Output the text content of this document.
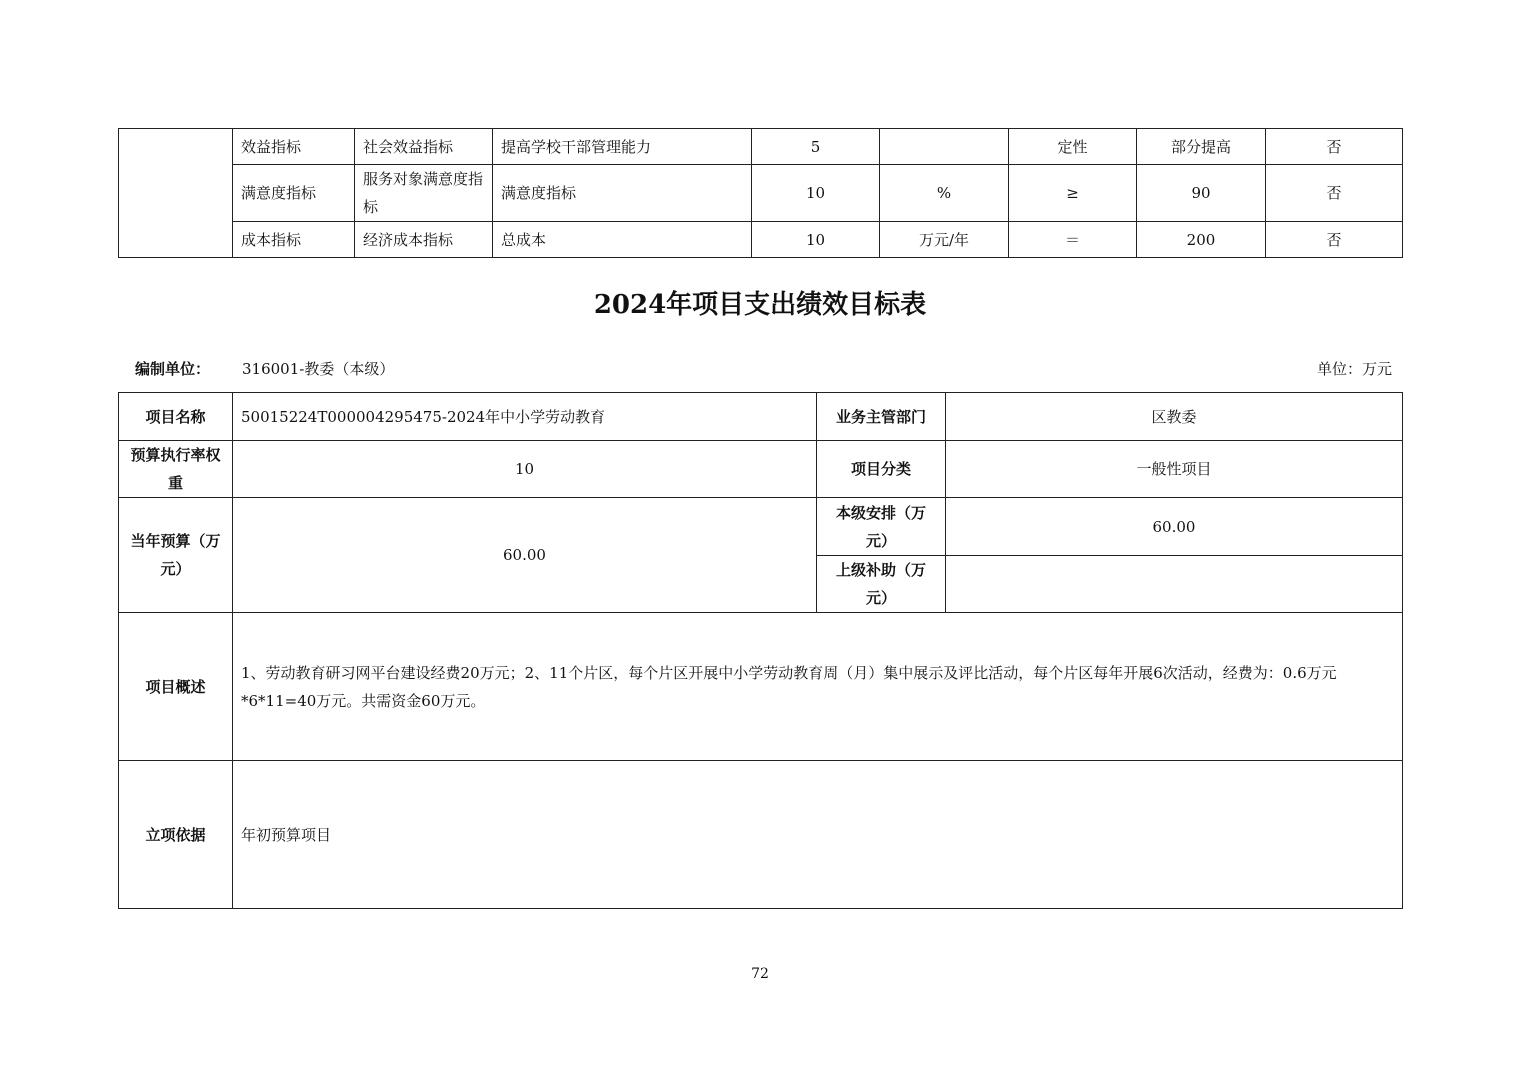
	效益指标	社会效益指标	提高学校干部管理能力	5		定性	部分提高	否
	满意度指标	服务对象满意度指标	满意度指标	10	%	≥	90	否
	成本指标	经济成本指标	总成本	10	万元/年	＝	200	否
2024年项目支出绩效目标表
编制单位： 316001-教委（本级）	单位：万元
项目名称	50015224T000004295475-2024年中小学劳动教育	业务主管部门	区教委
预算执行率权重	10	项目分类	一般性项目
当年预算（万元）	60.00	本级安排（万元）	60.00
		上级补助（万元）	
项目概述	1、劳动教育研习网平台建设经费20万元；2、11个片区，每个片区开展中小学劳动教育周（月）集中展示及评比活动，每个片区每年开展6次活动，经费为：0.6万元*6*11=40万元。共需资金60万元。		
立项依据	年初预算项目		
72
